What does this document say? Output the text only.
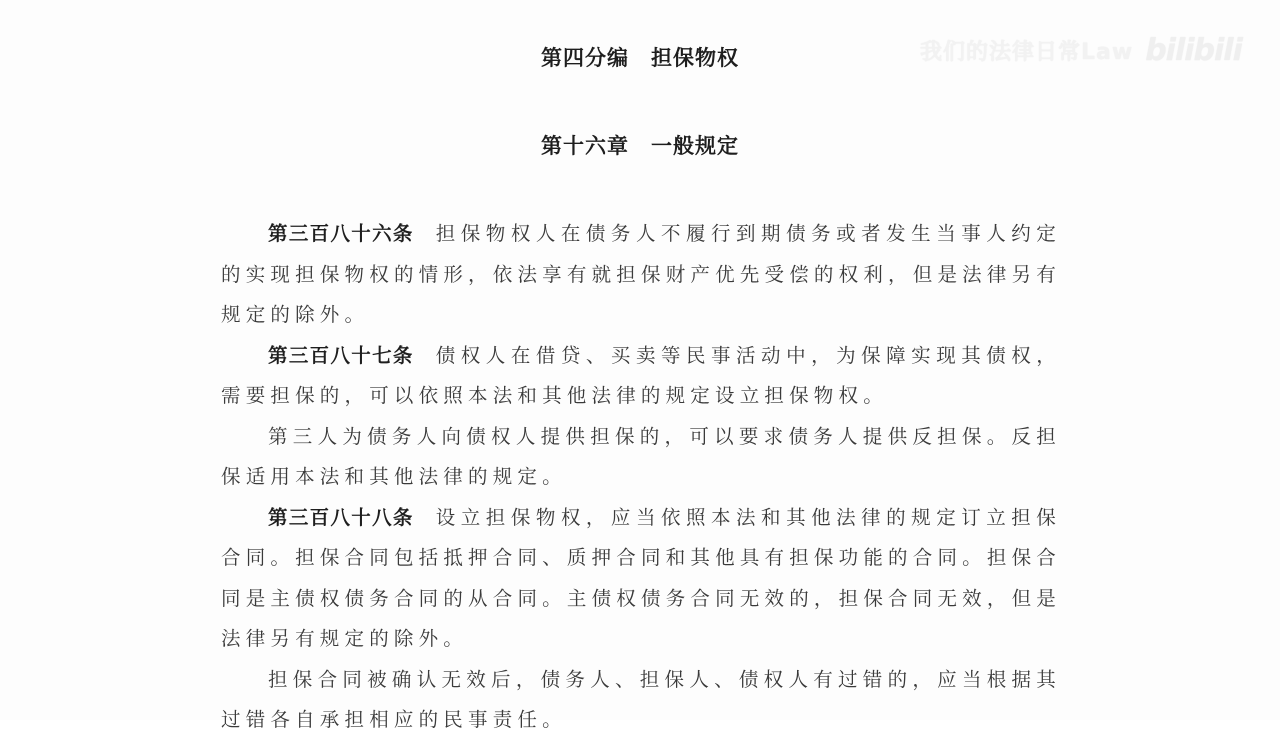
我们的法律日常Law bilibili
第四分编 担保物权
第十六章 一般规定

第三百八十六条 担保物权人在债务人不履行到期债务或者发生当事人约定的实现担保物权的情形，依法享有就担保财产优先受偿的权利，但是法律另有规定的除外。

第三百八十七条 债权人在借贷、买卖等民事活动中，为保障实现其债权，需要担保的，可以依照本法和其他法律的规定设立担保物权。

第三人为债务人向债权人提供担保的，可以要求债务人提供反担保。反担保适用本法和其他法律的规定。

第三百八十八条 设立担保物权，应当依照本法和其他法律的规定订立担保合同。担保合同包括抵押合同、质押合同和其他具有担保功能的合同。担保合同是主债权债务合同的从合同。主债权债务合同无效的，担保合同无效，但是法律另有规定的除外。

担保合同被确认无效后，债务人、担保人、债权人有过错的，应当根据其过错各自承担相应的民事责任。
